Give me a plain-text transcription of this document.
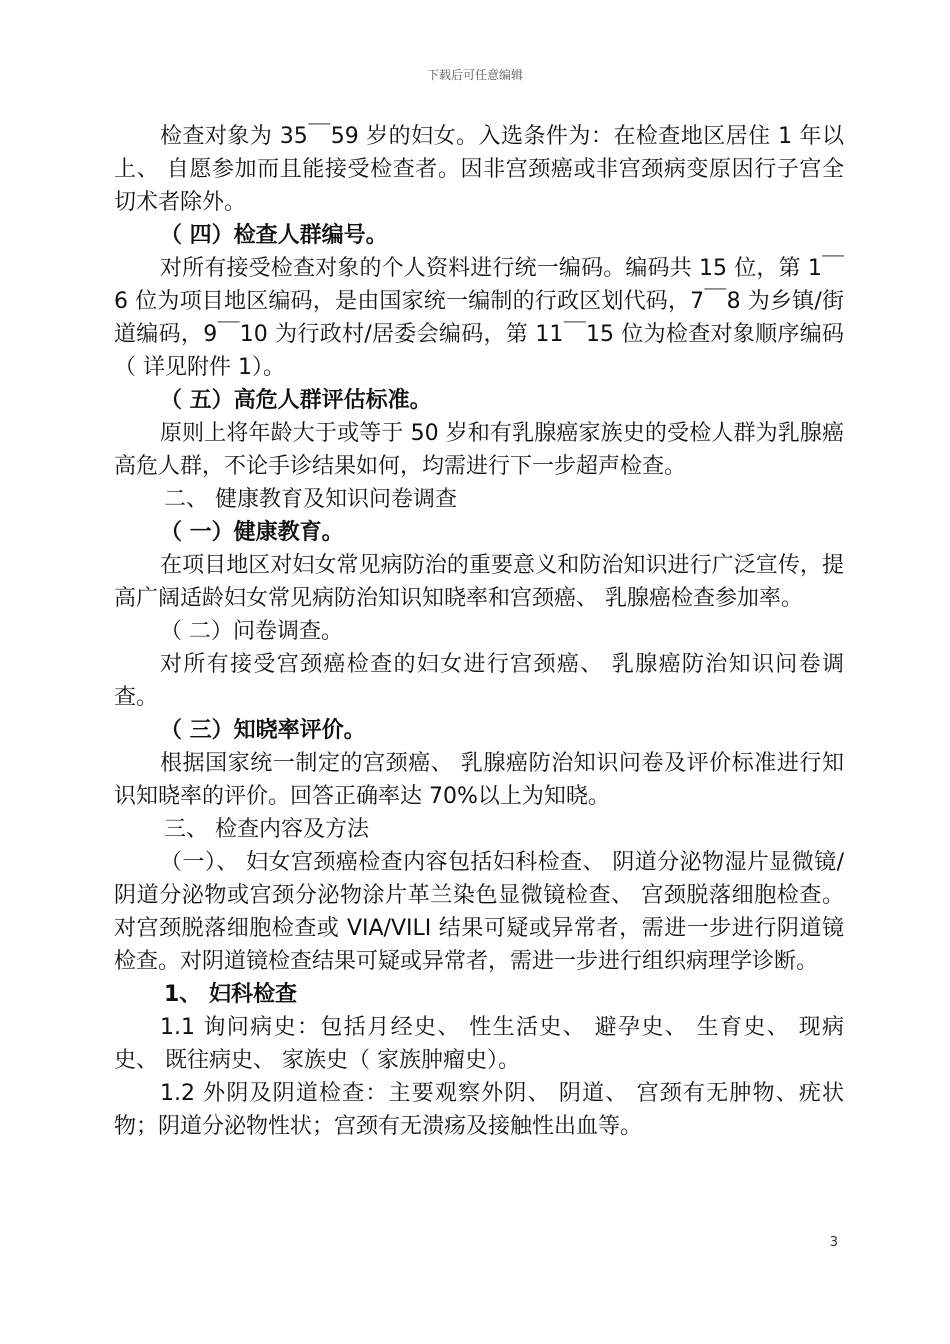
下载后可任意编辑

检查对象为 35￣59 岁的妇女。入选条件为：在检查地区居住 1 年以上、 自愿参加而且能接受检查者。因非宫颈癌或非宫颈病变原因行子宫全切术者除外。

（ 四）检查人群编号。

对所有接受检查对象的个人资料进行统一编码。编码共 15 位，第 1￣6 位为项目地区编码，是由国家统一编制的行政区划代码，7￣8 为乡镇/街道编码，9￣10 为行政村/居委会编码，第 11￣15 位为检查对象顺序编码（ 详见附件 1）。

（ 五）高危人群评估标准。

原则上将年龄大于或等于 50 岁和有乳腺癌家族史的受检人群为乳腺癌高危人群，不论手诊结果如何，均需进行下一步超声检查。

二、 健康教育及知识问卷调查

（ 一）健康教育。

在项目地区对妇女常见病防治的重要意义和防治知识进行广泛宣传，提高广阔适龄妇女常见病防治知识知晓率和宫颈癌、 乳腺癌检查参加率。

（ 二）问卷调查。

对所有接受宫颈癌检查的妇女进行宫颈癌、 乳腺癌防治知识问卷调查。

（ 三）知晓率评价。

根据国家统一制定的宫颈癌、 乳腺癌防治知识问卷及评价标准进行知识知晓率的评价。回答正确率达 70%以上为知晓。

三、 检查内容及方法

（一）、 妇女宫颈癌检查内容包括妇科检查、 阴道分泌物湿片显微镜/阴道分泌物或宫颈分泌物涂片革兰染色显微镜检查、 宫颈脱落细胞检查。对宫颈脱落细胞检查或 VIA/VILI 结果可疑或异常者，需进一步进行阴道镜检查。对阴道镜检查结果可疑或异常者，需进一步进行组织病理学诊断。

1、 妇科检查

1.1 询问病史：包括月经史、 性生活史、 避孕史、 生育史、 现病史、 既往病史、 家族史（ 家族肿瘤史）。

1.2 外阴及阴道检查：主要观察外阴、 阴道、 宫颈有无肿物、疣状物；阴道分泌物性状；宫颈有无溃疡及接触性出血等。

3
